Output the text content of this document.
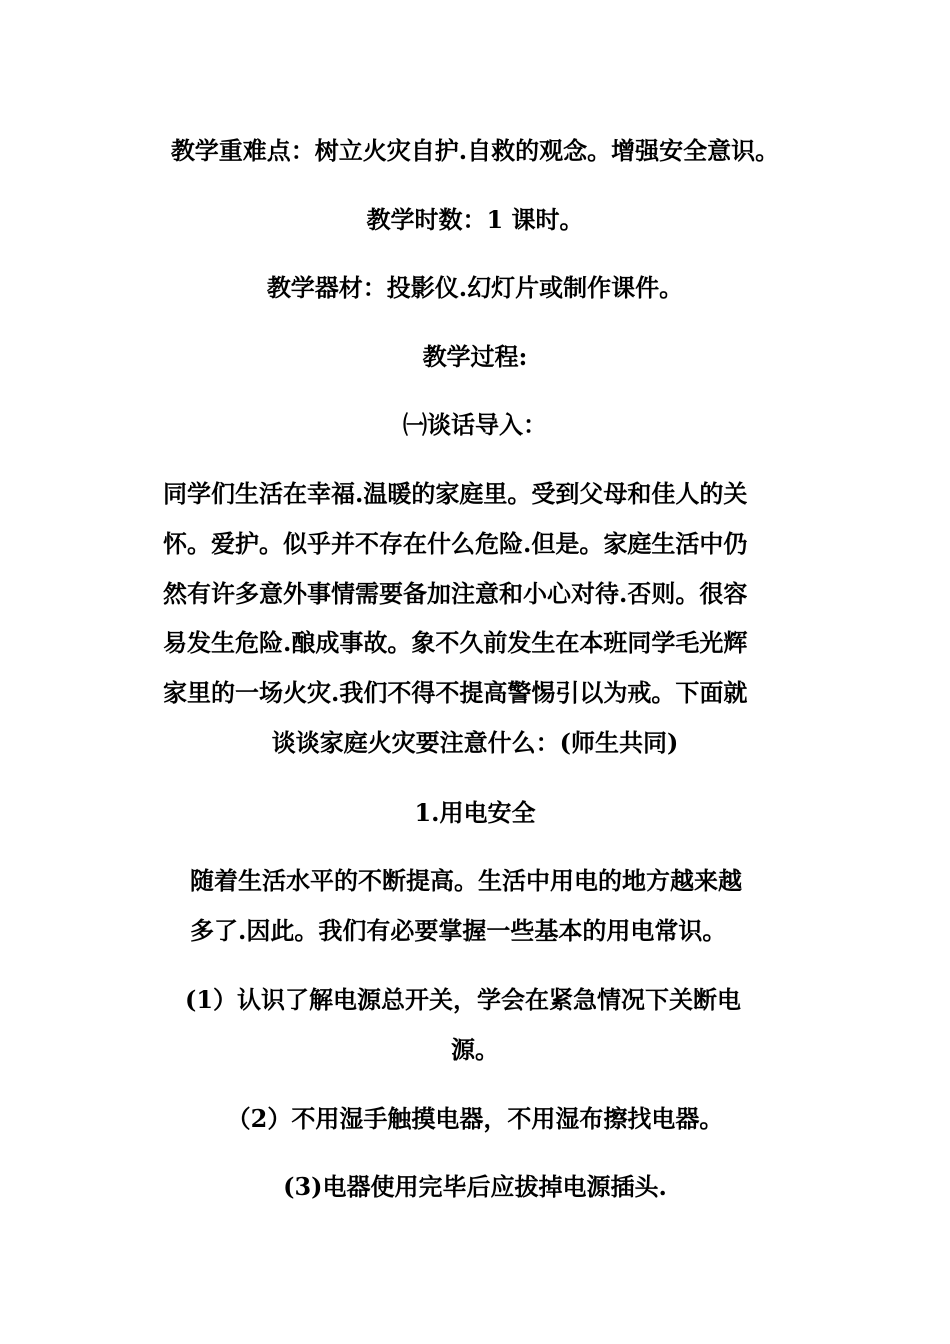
教学重难点：树立火灾自护.自救的观念。增强安全意识。

教学时数：1 课时。

教学器材：投影仪.幻灯片或制作课件。

教学过程:

㈠谈话导入：

同学们生活在幸福.温暖的家庭里。受到父母和佳人的关

怀。爱护。似乎并不存在什么危险.但是。家庭生活中仍

然有许多意外事情需要备加注意和小心对待.否则。很容

易发生危险.酿成事故。象不久前发生在本班同学毛光辉

家里的一场火灾.我们不得不提高警惕引以为戒。下面就

谈谈家庭火灾要注意什么：(师生共同)

1.用电安全

随着生活水平的不断提高。生活中用电的地方越来越

多了.因此。我们有必要掌握一些基本的用电常识。

(1）认识了解电源总开关，学会在紧急情况下关断电

源。

（2）不用湿手触摸电器，不用湿布擦找电器。

(3)电器使用完毕后应拔掉电源插头.
